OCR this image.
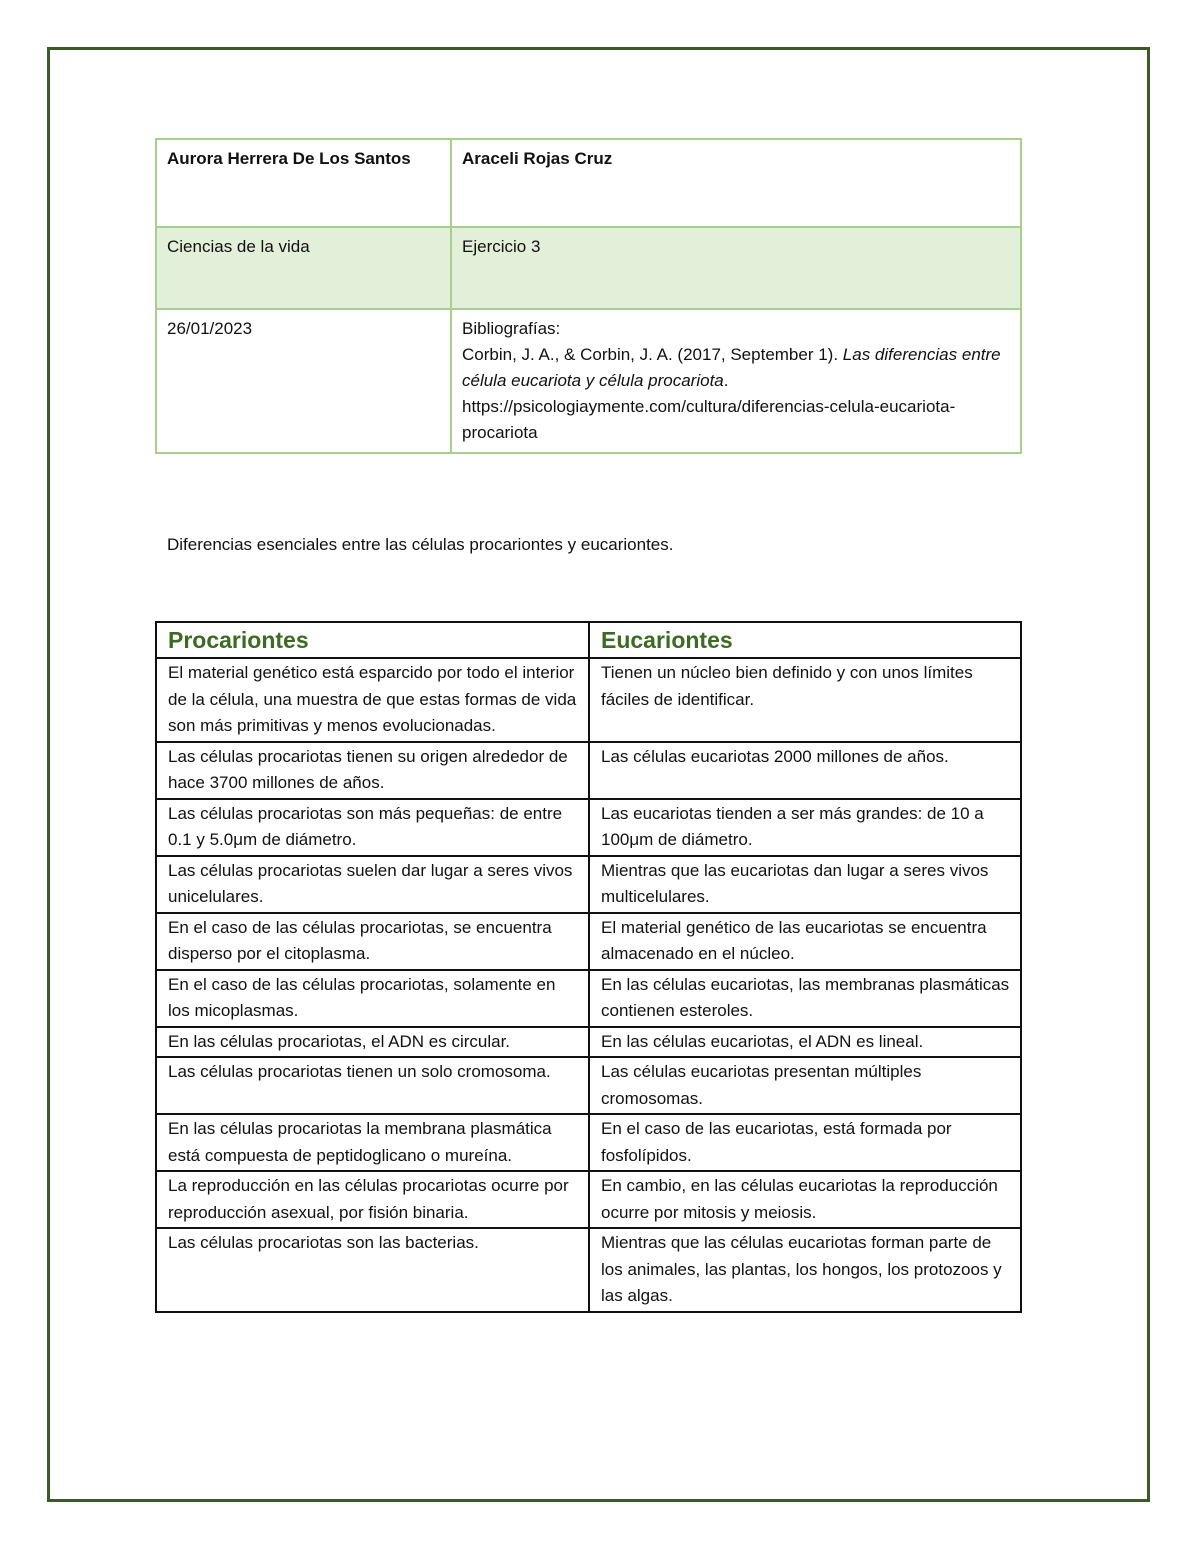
Aurora Herrera De Los Santos	Araceli Rojas Cruz
Ciencias de la vida	Ejercicio 3
26/01/2023	Bibliografías:
Corbin, J. A., & Corbin, J. A. (2017, September 1). Las diferencias entre célula eucariota y célula procariota. https://psicologiaymente.com/cultura/diferencias-celula-eucariota-procariota
Diferencias esenciales entre las células procariontes y eucariontes.
Procariontes	Eucariontes
El material genético está esparcido por todo el interior de la célula, una muestra de que estas formas de vida son más primitivas y menos evolucionadas.	Tienen un núcleo bien definido y con unos límites fáciles de identificar.
Las células procariotas tienen su origen alrededor de hace 3700 millones de años.	Las células eucariotas 2000 millones de años.
Las células procariotas son más pequeñas: de entre 0.1 y 5.0μm de diámetro.	Las eucariotas tienden a ser más grandes: de 10 a 100μm de diámetro.
Las células procariotas suelen dar lugar a seres vivos unicelulares.	Mientras que las eucariotas dan lugar a seres vivos multicelulares.
En el caso de las células procariotas, se encuentra disperso por el citoplasma.	El material genético de las eucariotas se encuentra almacenado en el núcleo.
En el caso de las células procariotas, solamente en los micoplasmas.	En las células eucariotas, las membranas plasmáticas contienen esteroles.
En las células procariotas, el ADN es circular.	En las células eucariotas, el ADN es lineal.
Las células procariotas tienen un solo cromosoma.	Las células eucariotas presentan múltiples cromosomas.
En las células procariotas la membrana plasmática está compuesta de peptidoglicano o mureína.	En el caso de las eucariotas, está formada por fosfolípidos.
La reproducción en las células procariotas ocurre por reproducción asexual, por fisión binaria.	En cambio, en las células eucariotas la reproducción ocurre por mitosis y meiosis.
Las células procariotas son las bacterias.	Mientras que las células eucariotas forman parte de los animales, las plantas, los hongos, los protozoos y las algas.
